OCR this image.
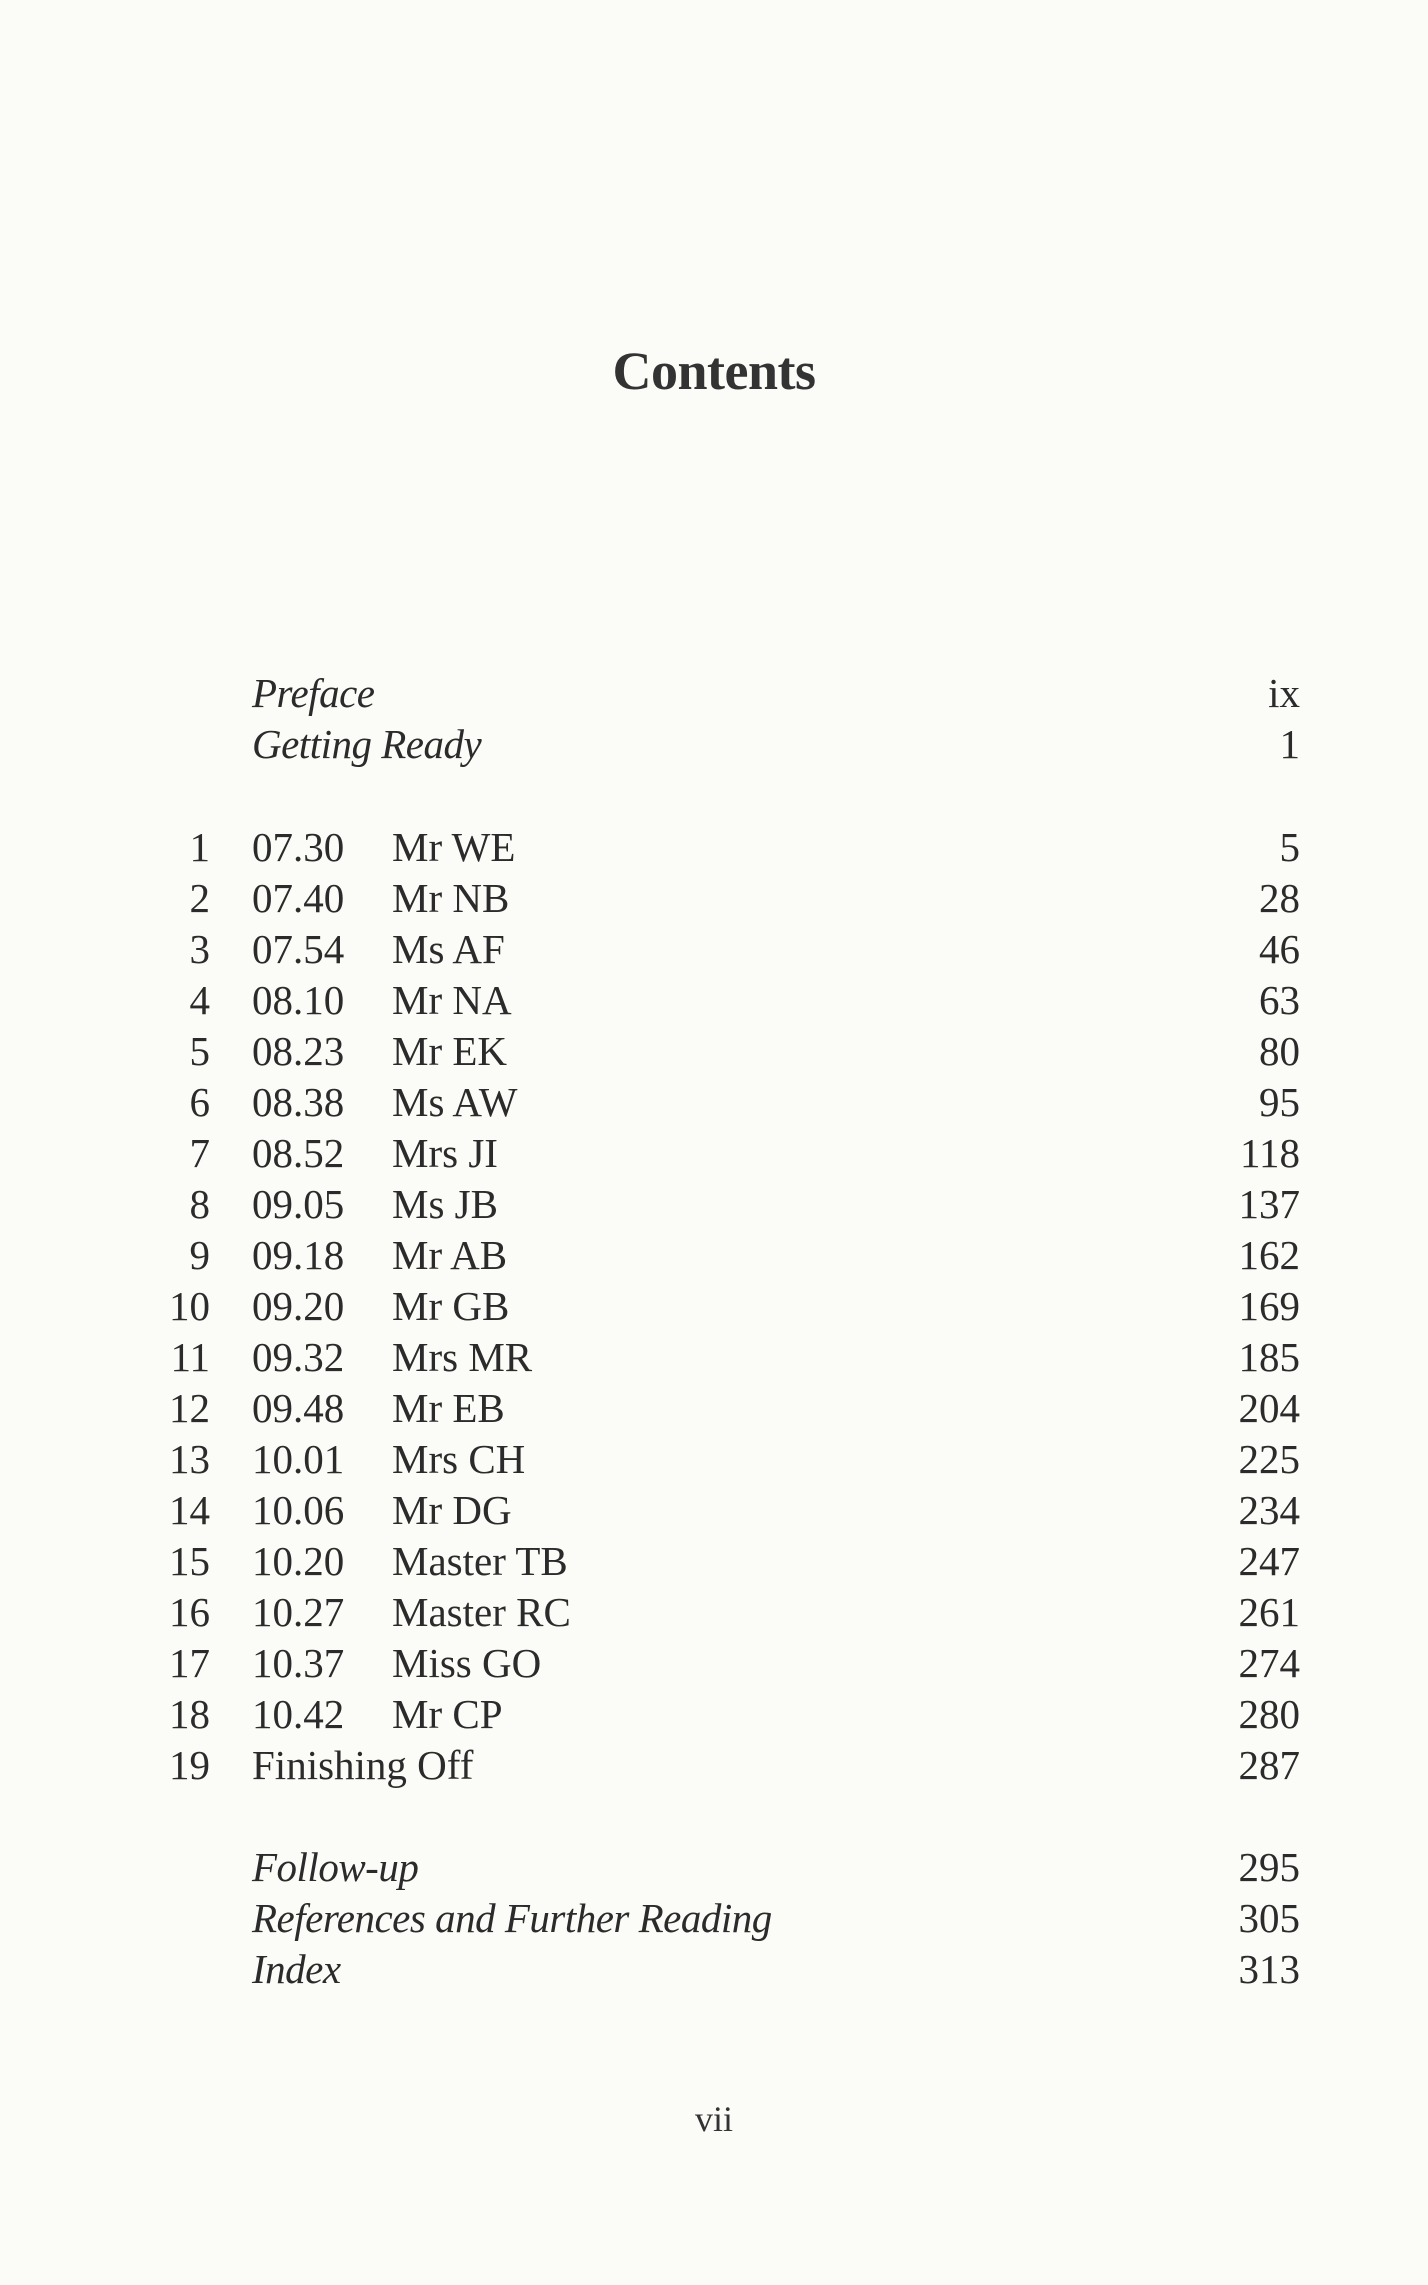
Contents
Preface	ix
Getting Ready	1
1 07.30 Mr WE	5
2 07.40 Mr NB	28
3 07.54 Ms AF	46
4 08.10 Mr NA	63
5 08.23 Mr EK	80
6 08.38 Ms AW	95
7 08.52 Mrs JI	118
8 09.05 Ms JB	137
9 09.18 Mr AB	162
10 09.20 Mr GB	169
11 09.32 Mrs MR	185
12 09.48 Mr EB	204
13 10.01 Mrs CH	225
14 10.06 Mr DG	234
15 10.20 Master TB	247
16 10.27 Master RC	261
17 10.37 Miss GO	274
18 10.42 Mr CP	280
19 Finishing Off	287
Follow-up	295
References and Further Reading	305
Index	313
vii
